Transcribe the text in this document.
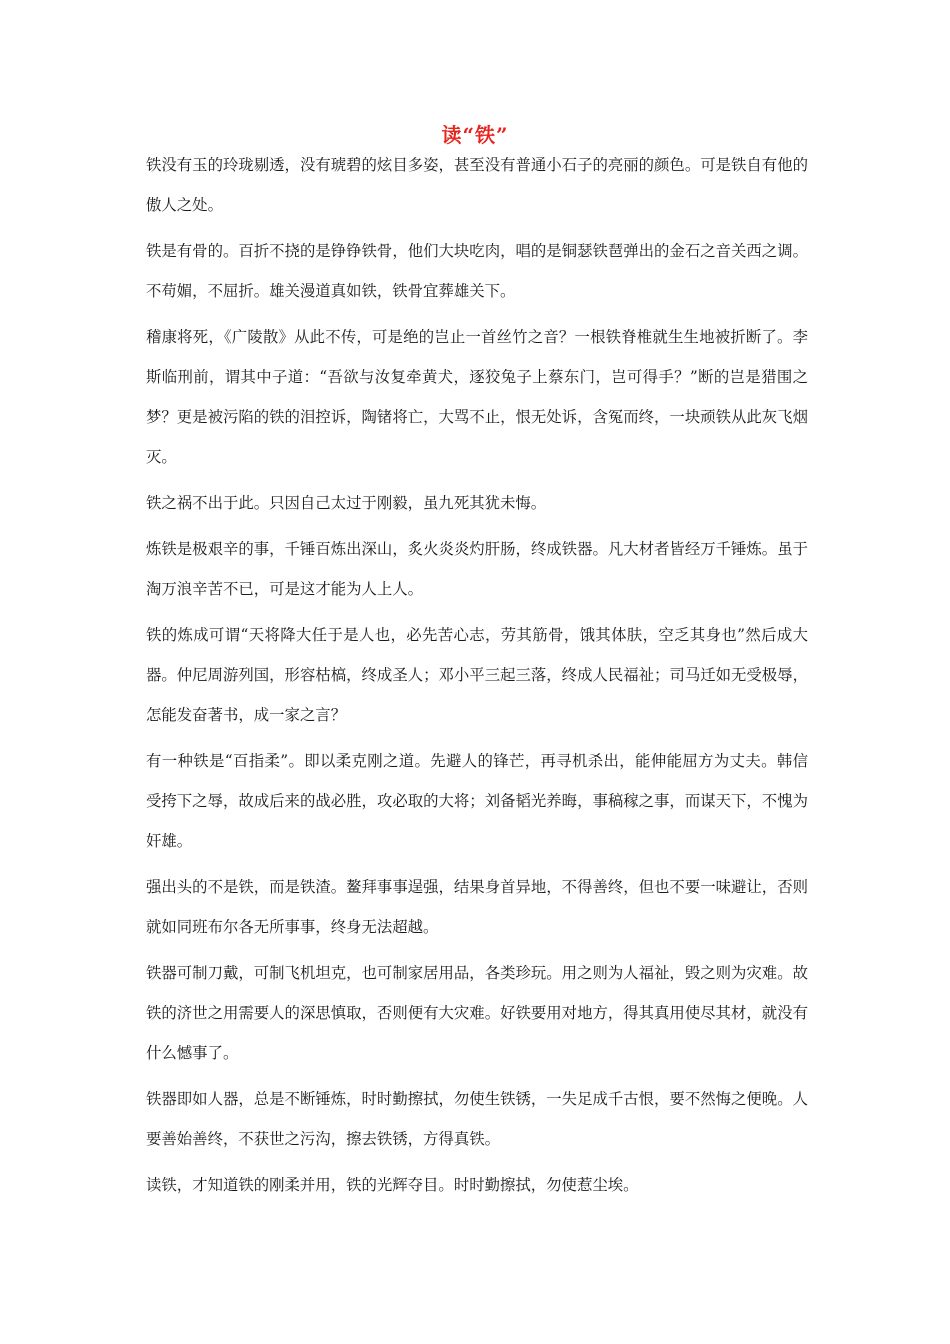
读“铁”

铁没有玉的玲珑剔透，没有琥碧的炫目多姿，甚至没有普通小石子的亮丽的颜色。可是铁自有他的傲人之处。

铁是有骨的。百折不挠的是铮铮铁骨，他们大块吃肉，唱的是铜瑟铁琶弹出的金石之音关西之调。不苟媚，不屈折。雄关漫道真如铁，铁骨宜葬雄关下。

稽康将死，《广陵散》从此不传，可是绝的岂止一首丝竹之音？一根铁脊椎就生生地被折断了。李斯临刑前，谓其中子道：“吾欲与汝复牵黄犬，逐狡兔子上蔡东门，岂可得手？”断的岂是猎围之梦？更是被污陷的铁的泪控诉，陶锗将亡，大骂不止，恨无处诉，含冤而终，一块顽铁从此灰飞烟灭。

铁之祸不出于此。只因自己太过于刚毅，虽九死其犹未悔。

炼铁是极艰辛的事，千锤百炼出深山，炙火炎炎灼肝肠，终成铁器。凡大材者皆经万千锤炼。虽于淘万浪辛苦不已，可是这才能为人上人。

铁的炼成可谓“天将降大任于是人也，必先苦心志，劳其筋骨，饿其体肤，空乏其身也”然后成大器。仲尼周游列国，形容枯槁，终成圣人；邓小平三起三落，终成人民福祉；司马迁如无受极辱，怎能发奋著书，成一家之言？

有一种铁是“百指柔”。即以柔克刚之道。先避人的锋芒，再寻机杀出，能伸能屈方为丈夫。韩信受挎下之辱，故成后来的战必胜，攻必取的大将；刘备韬光养晦，事稿稼之事，而谋天下，不愧为奸雄。

强出头的不是铁，而是铁渣。鳌拜事事逞强，结果身首异地，不得善终，但也不要一味避让，否则就如同班布尔各无所事事，终身无法超越。

铁器可制刀戴，可制飞机坦克，也可制家居用品，各类珍玩。用之则为人福祉，毁之则为灾难。故铁的济世之用需要人的深思慎取，否则便有大灾难。好铁要用对地方，得其真用使尽其材，就没有什么憾事了。

铁器即如人器，总是不断锤炼，时时勤擦拭，勿使生铁锈，一失足成千古恨，要不然悔之便晚。人要善始善终，不获世之污沟，擦去铁锈，方得真铁。

读铁，才知道铁的刚柔并用，铁的光辉夺目。时时勤擦拭，勿使惹尘埃。
